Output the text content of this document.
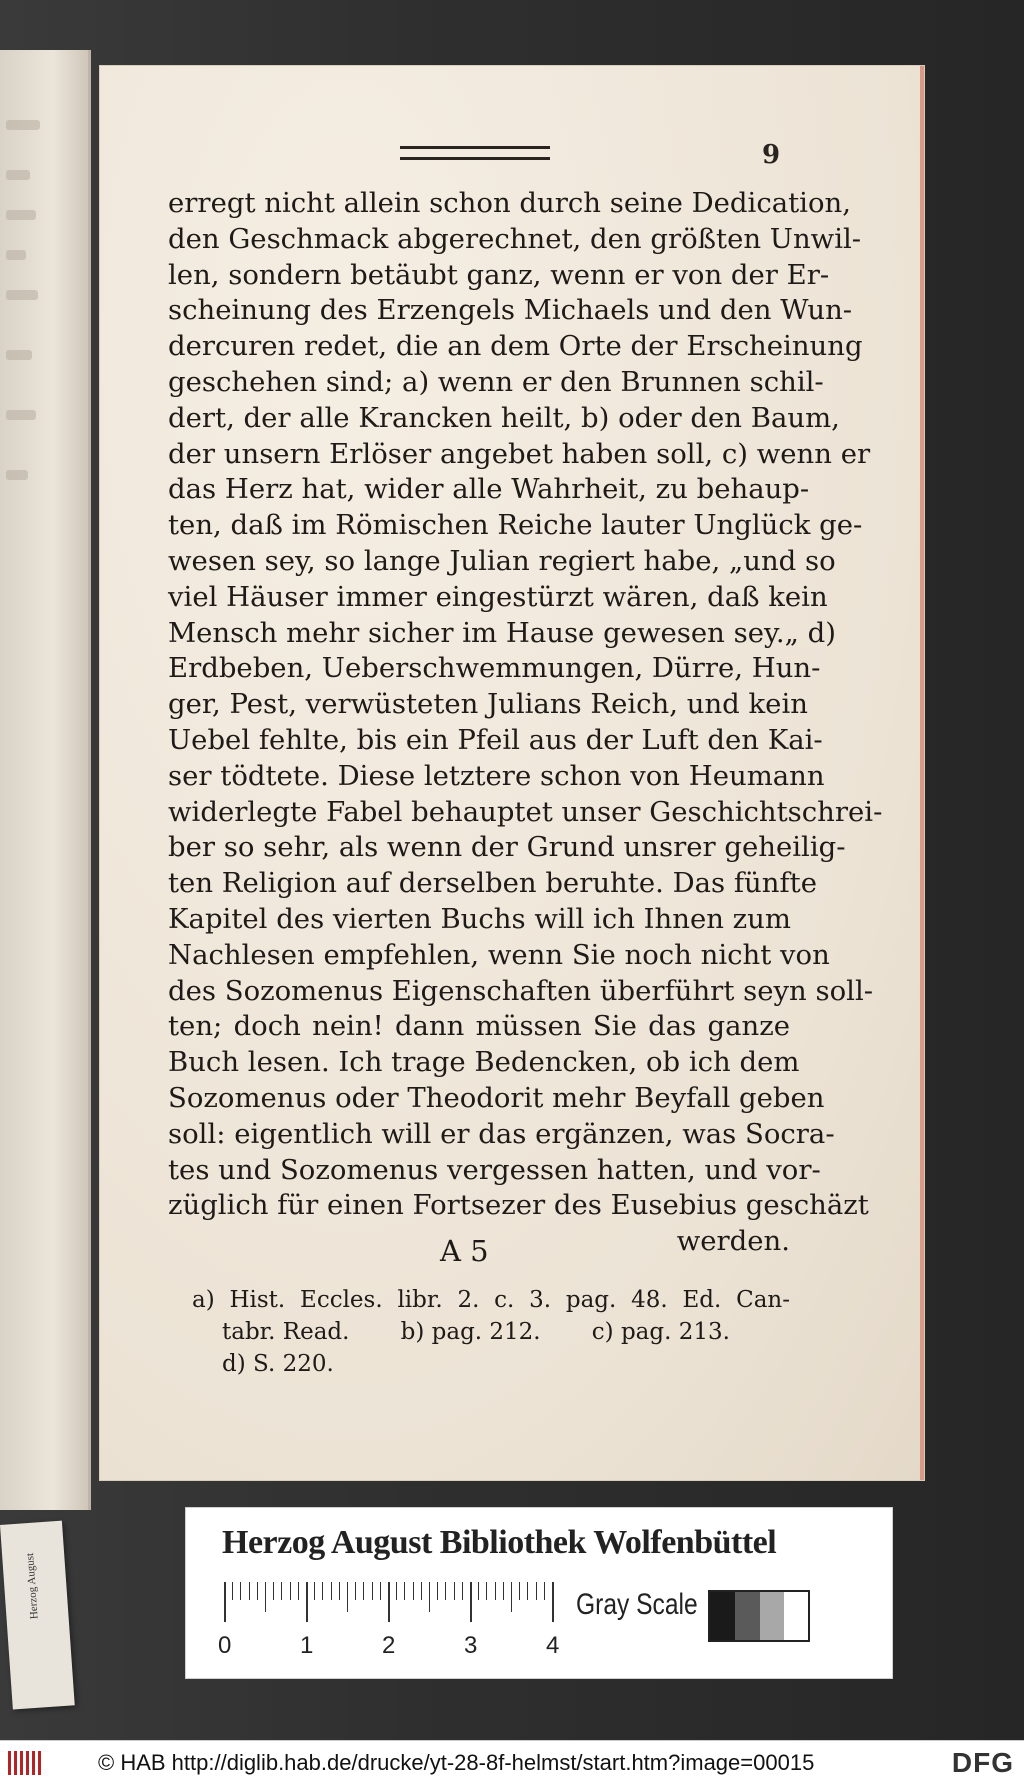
Herzog August
9
erregt nicht allein schon durch seine Dedication,
den Geschmack abgerechnet, den größten Unwil-
len, sondern betäubt ganz, wenn er von der Er-
scheinung des Erzengels Michaels und den Wun-
dercuren redet, die an dem Orte der Erscheinung
geschehen sind; a) wenn er den Brunnen schil-
dert, der alle Krancken heilt, b) oder den Baum,
der unsern Erlöser angebet haben soll, c) wenn er
das Herz hat, wider alle Wahrheit, zu behaup-
ten, daß im Römischen Reiche lauter Unglück ge-
wesen sey, so lange Julian regiert habe, „und so
viel Häuser immer eingestürzt wären, daß kein
Mensch mehr sicher im Hause gewesen sey.„ d)
Erdbeben, Ueberschwemmungen, Dürre, Hun-
ger, Pest, verwüsteten Julians Reich, und kein
Uebel fehlte, bis ein Pfeil aus der Luft den Kai-
ser tödtete. Diese letztere schon von Heumann
widerlegte Fabel behauptet unser Geschichtschrei-
ber so sehr, als wenn der Grund unsrer geheilig-
ten Religion auf derselben beruhte. Das fünfte
Kapitel des vierten Buchs will ich Ihnen zum
Nachlesen empfehlen, wenn Sie noch nicht von
des Sozomenus Eigenschaften überführt seyn soll-
ten; doch nein! dann müssen Sie das ganze
Buch lesen. Ich trage Bedencken, ob ich dem
Sozomenus oder Theodorit mehr Beyfall geben
soll: eigentlich will er das ergänzen, was Socra-
tes und Sozomenus vergessen hatten, und vor-
züglich für einen Fortsezer des Eusebius geschäzt
werden.
A 5
a) Hist. Eccles. libr. 2. c. 3. pag. 48. Ed. Can-
tabr. Read.       b) pag. 212.       c) pag. 213.
d) S. 220.
Herzog August Bibliothek Wolfenbüttel
0	1	2	3	4
Gray Scale
© HAB http://diglib.hab.de/drucke/yt-28-8f-helmst/start.htm?image=00015	DFG
